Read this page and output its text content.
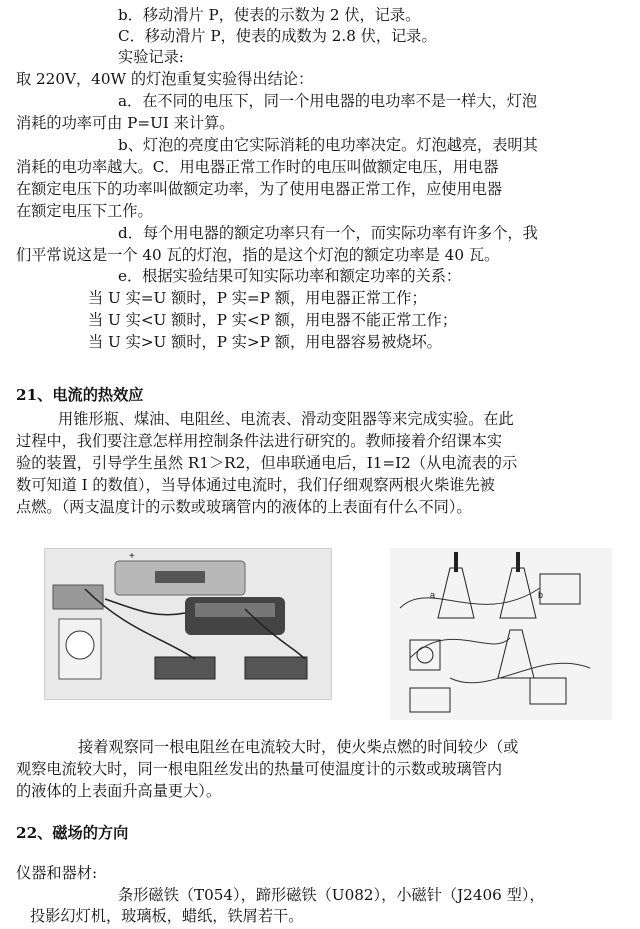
b．移动滑片 P，使表的示数为 2 伏，记录。
C．移动滑片 P，使表的成数为 2.8 伏，记录。
实验记录:
取 220V，40W 的灯泡重复实验得出结论：
a．在不同的电压下，同一个用电器的电功率不是一样大，灯泡
消耗的功率可由 P=UI 来计算。
b、灯泡的亮度由它实际消耗的电功率决定。灯泡越亮，表明其
消耗的电功率越大。C．用电器正常工作时的电压叫做额定电压，用电器
在额定电压下的功率叫做额定功率，为了使用电器正常工作，应使用电器
在额定电压下工作。
d．每个用电器的额定功率只有一个，而实际功率有许多个，我
们平常说这是一个 40 瓦的灯泡，指的是这个灯泡的额定功率是 40 瓦。
e．根据实验结果可知实际功率和额定功率的关系：
当 U 实=U 额时，P 实=P 额，用电器正常工作；
当 U 实<U 额时，P 实<P 额，用电器不能正常工作；
当 U 实>U 额时，P 实>P 额，用电器容易被烧坏。
21、电流的热效应
用锥形瓶、煤油、电阻丝、电流表、滑动变阻器等来完成实验。在此
过程中，我们要注意怎样用控制条件法进行研究的。教师接着介绍课本实
验的装置，引导学生虽然 R1＞R2，但串联通电后，I1=I2（从电流表的示
数可知道 I 的数值），当导体通过电流时，我们仔细观察两根火柴谁先被
点燃。（两支温度计的示数或玻璃管内的液体的上表面有什么不同）。
+
a	b
接着观察同一根电阻丝在电流较大时，使火柴点燃的时间较少（或
观察电流较大时，同一根电阻丝发出的热量可使温度计的示数或玻璃管内
的液体的上表面升高量更大）。
22、磁场的方向
仪器和器材:
条形磁铁（T054），蹄形磁铁（U082），小磁针（J2406 型），
投影幻灯机，玻璃板，蜡纸，铁屑若干。
